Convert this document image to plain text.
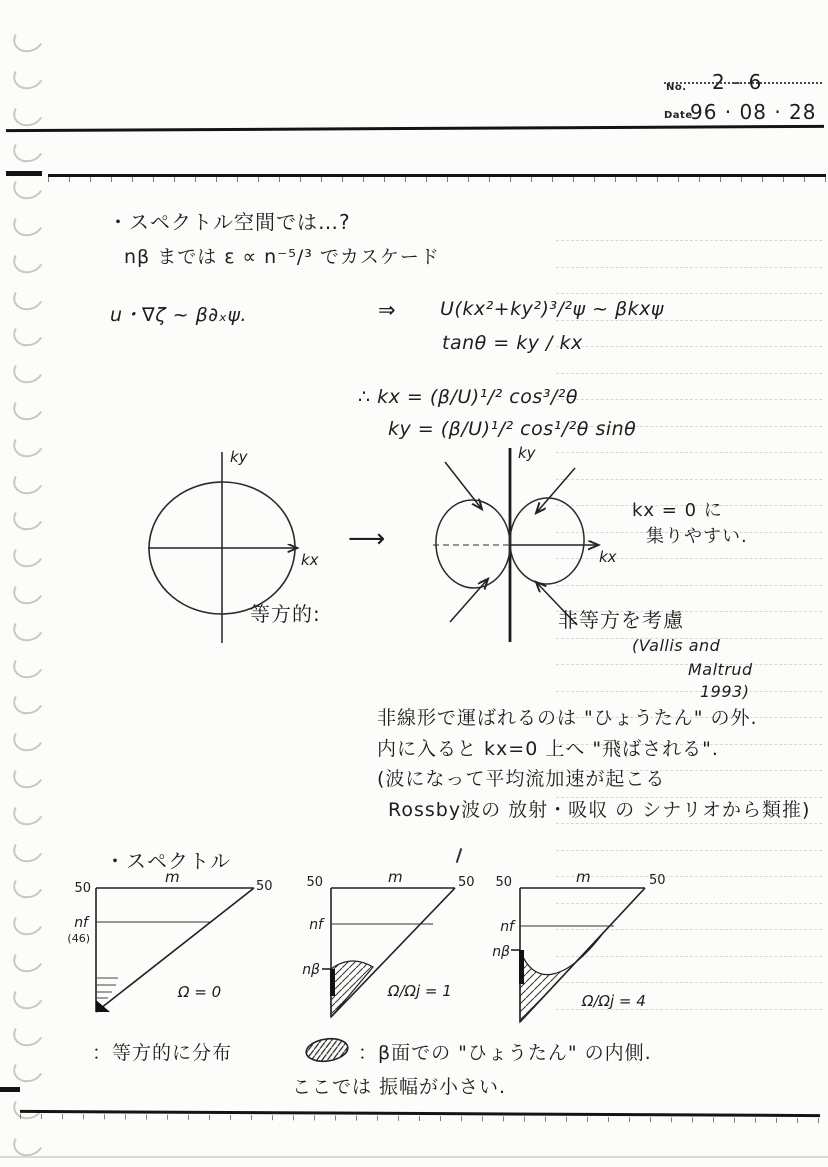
No. 2 - 6
Date
96 · 08 · 28
・スペクトル空間では…?
nβ までは ε ∝ n⁻⁵/³ でカスケード
u・∇ζ ~ β∂ₓψ.	⇒ U(kx²+ky²)³/²ψ ~ βkxψ
tanθ = ky / kx
∴ kx = (β/U)¹/² cos³/²θ
ky = (β/U)¹/² cos¹/²θ sinθ
ky
kx
等方的:
⟶
ky
kx
kx = 0 に
集りやすい.
非等方を考慮
(Vallis and
Maltrud
1993)
非線形で運ばれるのは "ひょうたん" の外.
内に入ると kx=0 上へ "飛ばされる".
(波になって平均流加速が起こる
Rossby波の 放射・吸収 の シナリオから類推)
・スペクトル
50
m
50
nf
(46)
Ω = 0
50	m	50
nf
nβ
Ω/Ωj = 1
50	m	50
nf
nβ
Ω/Ωj = 4
：等方的に分布	：β面での "ひょうたん" の内側.
ここでは 振幅が小さい.
